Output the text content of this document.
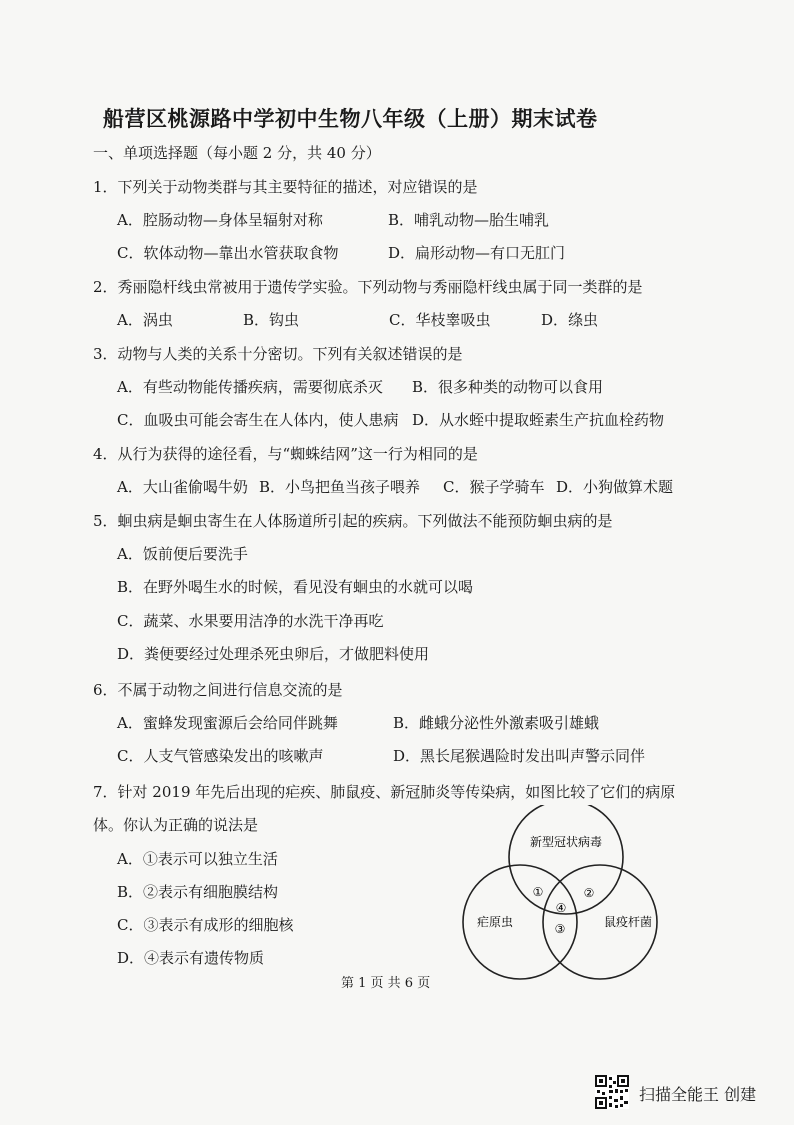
船营区桃源路中学初中生物八年级（上册）期末试卷
一、单项选择题（每小题 2 分，共 40 分）
1．下列关于动物类群与其主要特征的描述，对应错误的是
A．腔肠动物—身体呈辐射对称	B．哺乳动物—胎生哺乳
C．软体动物—靠出水管获取食物	D．扁形动物—有口无肛门
2．秀丽隐杆线虫常被用于遗传学实验。下列动物与秀丽隐杆线虫属于同一类群的是
A．涡虫	B．钩虫	C．华枝睾吸虫	D．绦虫
3．动物与人类的关系十分密切。下列有关叙述错误的是
A．有些动物能传播疾病，需要彻底杀灭 B．很多种类的动物可以食用
C．血吸虫可能会寄生在人体内，使人患病 D．从水蛭中提取蛭素生产抗血栓药物
4．从行为获得的途径看，与“蜘蛛结网”这一行为相同的是
A．大山雀偷喝牛奶 B．小鸟把鱼当孩子喂养 C．猴子学骑车 D．小狗做算术题
5．蛔虫病是蛔虫寄生在人体肠道所引起的疾病。下列做法不能预防蛔虫病的是
A．饭前便后要洗手
B．在野外喝生水的时候，看见没有蛔虫的水就可以喝
C．蔬菜、水果要用洁净的水洗干净再吃
D．粪便要经过处理杀死虫卵后，才做肥料使用
6．不属于动物之间进行信息交流的是
A．蜜蜂发现蜜源后会给同伴跳舞	B．雌蛾分泌性外激素吸引雄蛾
C．人支气管感染发出的咳嗽声	D．黑长尾猴遇险时发出叫声警示同伴
7．针对 2019 年先后出现的疟疾、肺鼠疫、新冠肺炎等传染病，如图比较了它们的病原
体。你认为正确的说法是
A．①表示可以独立生活
B．②表示有细胞膜结构
C．③表示有成形的细胞核
D．④表示有遗传物质
新型冠状病毒
疟原虫	鼠疫杆菌
①	②
③
④
第 1 页 共 6 页
扫描全能王 创建
